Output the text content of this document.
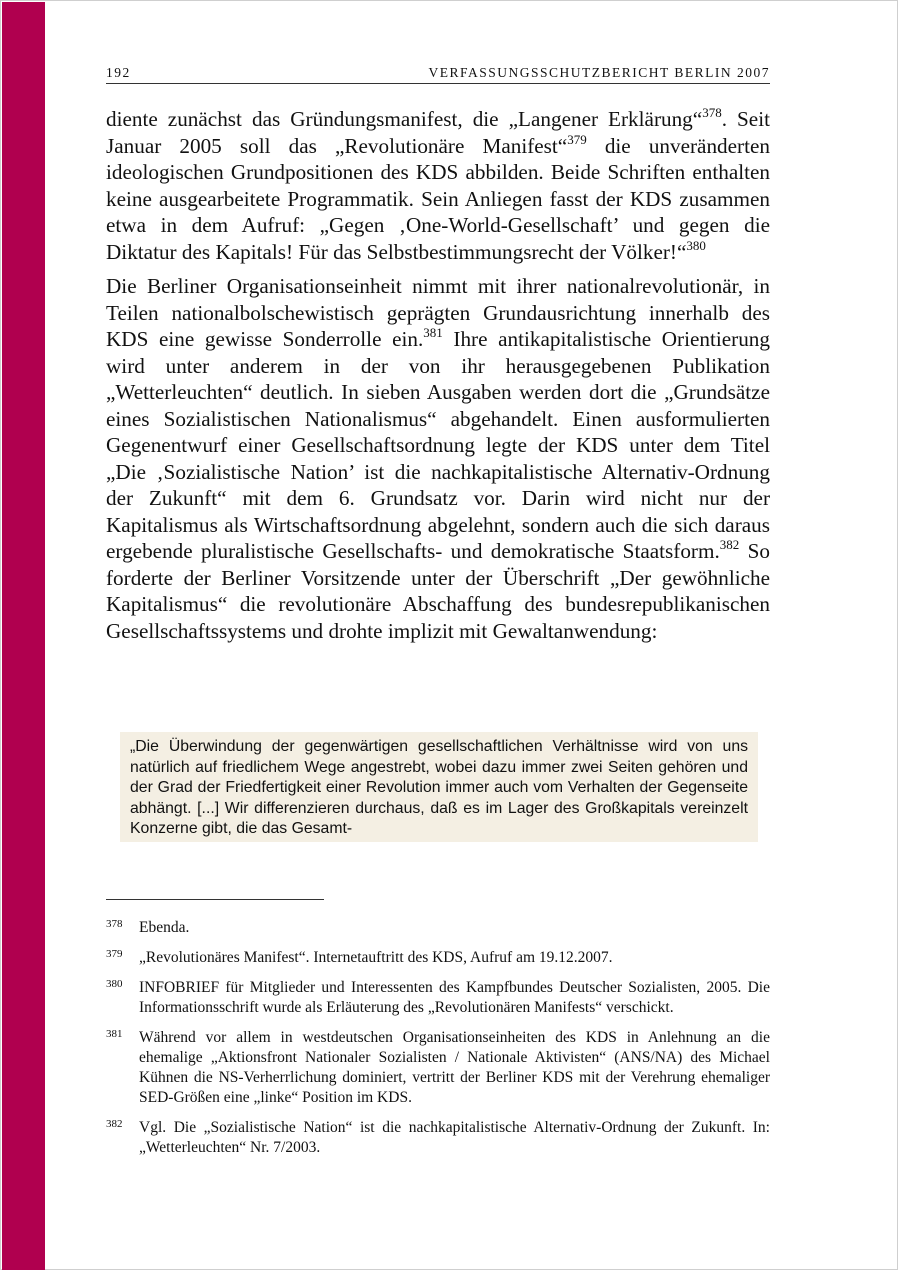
192	VERFASSUNGSSCHUTZBERICHT BERLIN 2007

diente zunächst das Gründungsmanifest, die „Langener Erklärung“$^{378}$. Seit Januar 2005 soll das „Revolutionäre Manifest“$^{379}$ die unveränderten ideologischen Grundpositionen des KDS abbilden. Beide Schriften enthalten keine ausgearbeitete Programmatik. Sein Anliegen fasst der KDS zusammen etwa in dem Aufruf: „Gegen ‚One-World-Gesellschaft’ und gegen die Diktatur des Kapitals! Für das Selbstbestimmungsrecht der Völker!“$^{380}$

Die Berliner Organisationseinheit nimmt mit ihrer nationalrevolutionär, in Teilen nationalbolschewistisch geprägten Grundausrichtung innerhalb des KDS eine gewisse Sonderrolle ein.$^{381}$ Ihre antikapitalistische Orientierung wird unter anderem in der von ihr herausgegebenen Publikation „Wetterleuchten“ deutlich. In sieben Ausgaben werden dort die „Grundsätze eines Sozialistischen Nationalismus“ abgehandelt. Einen ausformulierten Gegenentwurf einer Gesellschaftsordnung legte der KDS unter dem Titel „Die ‚Sozialistische Nation’ ist die nachkapitalistische Alternativ-Ordnung der Zukunft“ mit dem 6. Grundsatz vor. Darin wird nicht nur der Kapitalismus als Wirtschaftsordnung abgelehnt, sondern auch die sich daraus ergebende pluralistische Gesellschafts- und demokratische Staatsform.$^{382}$ So forderte der Berliner Vorsitzende unter der Überschrift „Der gewöhnliche Kapitalismus“ die revolutionäre Abschaffung des bundesrepublikanischen Gesellschaftssystems und drohte implizit mit Gewaltanwendung:

„Die Überwindung der gegenwärtigen gesellschaftlichen Verhältnisse wird von uns natürlich auf friedlichem Wege angestrebt, wobei dazu immer zwei Seiten gehören und der Grad der Friedfertigkeit einer Revolution immer auch vom Verhalten der Gegenseite abhängt. [...] Wir differenzieren durchaus, daß es im Lager des Großkapitals vereinzelt Konzerne gibt, die das Gesamt-
378 Ebenda.
379 „Revolutionäres Manifest“. Internetauftritt des KDS, Aufruf am 19.12.2007.
380 INFOBRIEF für Mitglieder und Interessenten des Kampfbundes Deutscher Sozialisten, 2005. Die Informationsschrift wurde als Erläuterung des „Revolutionären Manifests“ verschickt.
381 Während vor allem in westdeutschen Organisationseinheiten des KDS in Anlehnung an die ehemalige „Aktionsfront Nationaler Sozialisten / Nationale Aktivisten“ (ANS/NA) des Michael Kühnen die NS-Verherrlichung dominiert, vertritt der Berliner KDS mit der Verehrung ehemaliger SED-Größen eine „linke“ Position im KDS.
382 Vgl. Die „Sozialistische Nation“ ist die nachkapitalistische Alternativ-Ordnung der Zukunft. In: „Wetterleuchten“ Nr. 7/2003.
